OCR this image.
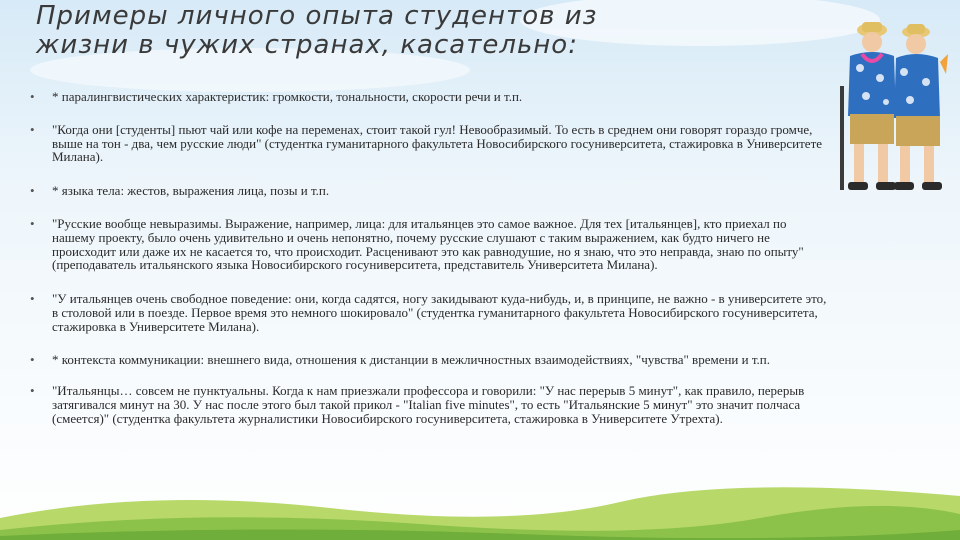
Примеры личного опыта студентов из
жизни в чужих странах, касательно:
• * паралингвистических характеристик: громкости, тональности, скорости речи и т.п.
• "Когда они [студенты] пьют чай или кофе на переменах, стоит такой гул! Невообразимый. То есть в среднем они говорят гораздо громче, выше на тон - два, чем русские люди" (студентка гуманитарного факультета Новосибирского госуниверситета, стажировка в Университете Милана).
• * языка тела: жестов, выражения лица, позы и т.п.
• "Русские вообще невыразимы. Выражение, например, лица: для итальянцев это самое важное. Для тех [итальянцев], кто приехал по нашему проекту, было очень удивительно и очень непонятно, почему русские слушают с таким выражением, как будто ничего не происходит или даже их не касается то, что происходит. Расценивают это как равнодушие, но я знаю, что это неправда, знаю по опыту" (преподаватель итальянского языка Новосибирского госуниверситета, представитель Университета Милана).
• "У итальянцев очень свободное поведение: они, когда садятся, ногу закидывают куда-нибудь, и, в принципе, не важно - в университете это, в столовой или в поезде. Первое время это немного шокировало" (студентка гуманитарного факультета Новосибирского госуниверситета, стажировка в Университете Милана).
• * контекста коммуникации: внешнего вида, отношения к дистанции в межличностных взаимодействиях, "чувства" времени и т.п.
• "Итальянцы… совсем не пунктуальны. Когда к нам приезжали профессора и говорили: "У нас перерыв 5 минут", как правило, перерыв затягивался минут на 30. У нас после этого был такой прикол - "Italian five minutes", то есть "Итальянские 5 минут" это значит полчаса (смеется)" (студентка факультета журналистики Новосибирского госуниверситета, стажировка в Университете Утрехта).
